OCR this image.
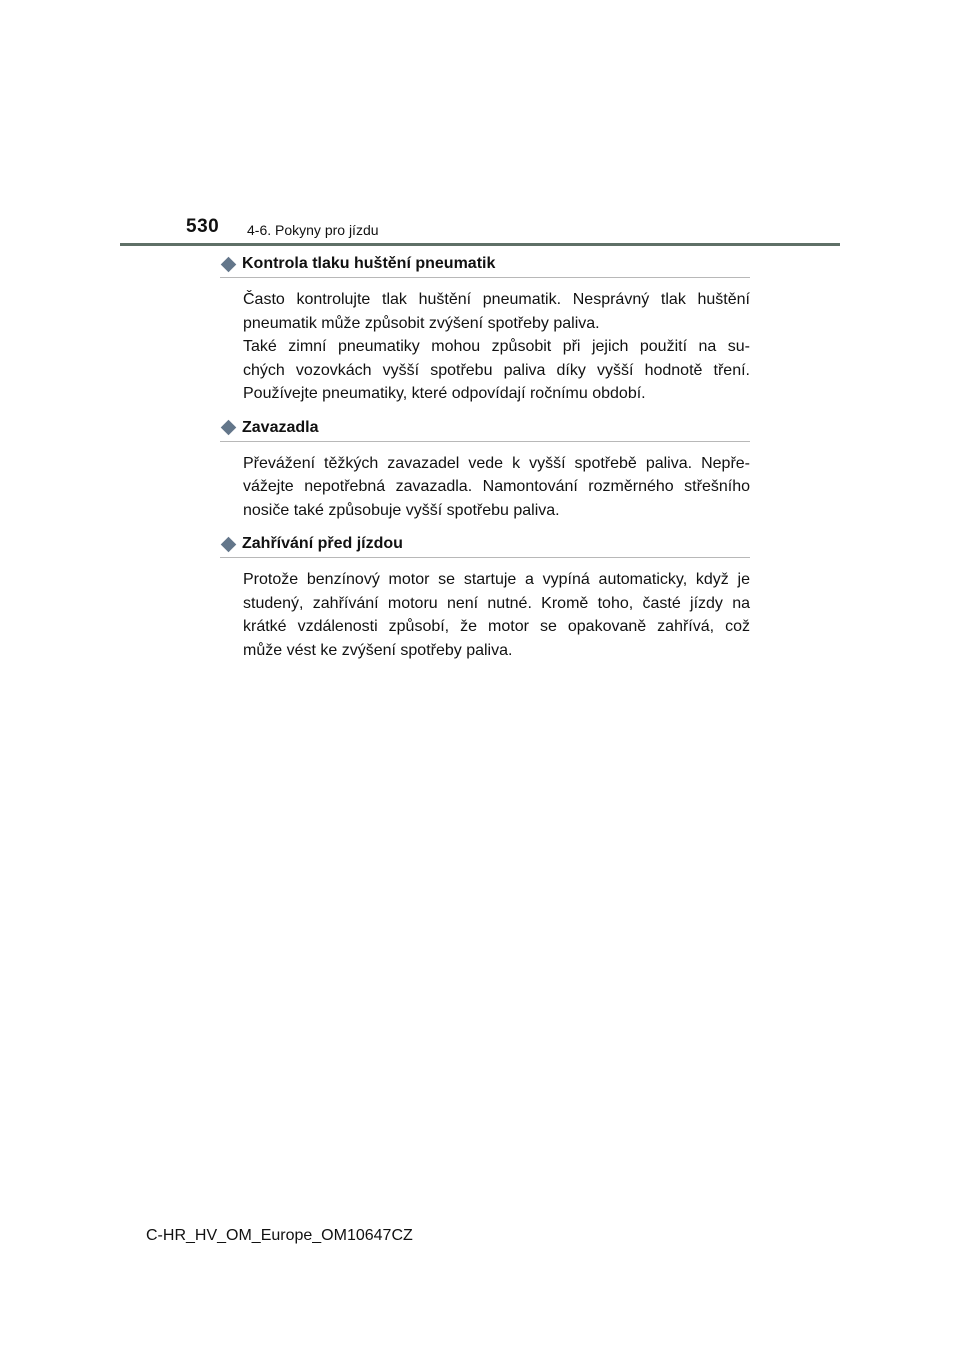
530 4-6. Pokyny pro jízdu
Kontrola tlaku huštění pneumatik
Často kontrolujte tlak huštění pneumatik. Nesprávný tlak huštění
pneumatik může způsobit zvýšení spotřeby paliva.
Také zimní pneumatiky mohou způsobit při jejich použití na su-
chých vozovkách vyšší spotřebu paliva díky vyšší hodnotě tření.
Používejte pneumatiky, které odpovídají ročnímu období.
Zavazadla
Převážení těžkých zavazadel vede k vyšší spotřebě paliva. Nepře-
vážejte nepotřebná zavazadla. Namontování rozměrného střešního
nosiče také způsobuje vyšší spotřebu paliva.
Zahřívání před jízdou
Protože benzínový motor se startuje a vypíná automaticky, když je
studený, zahřívání motoru není nutné. Kromě toho, časté jízdy na
krátké vzdálenosti způsobí, že motor se opakovaně zahřívá, což
může vést ke zvýšení spotřeby paliva.
C-HR_HV_OM_Europe_OM10647CZ
